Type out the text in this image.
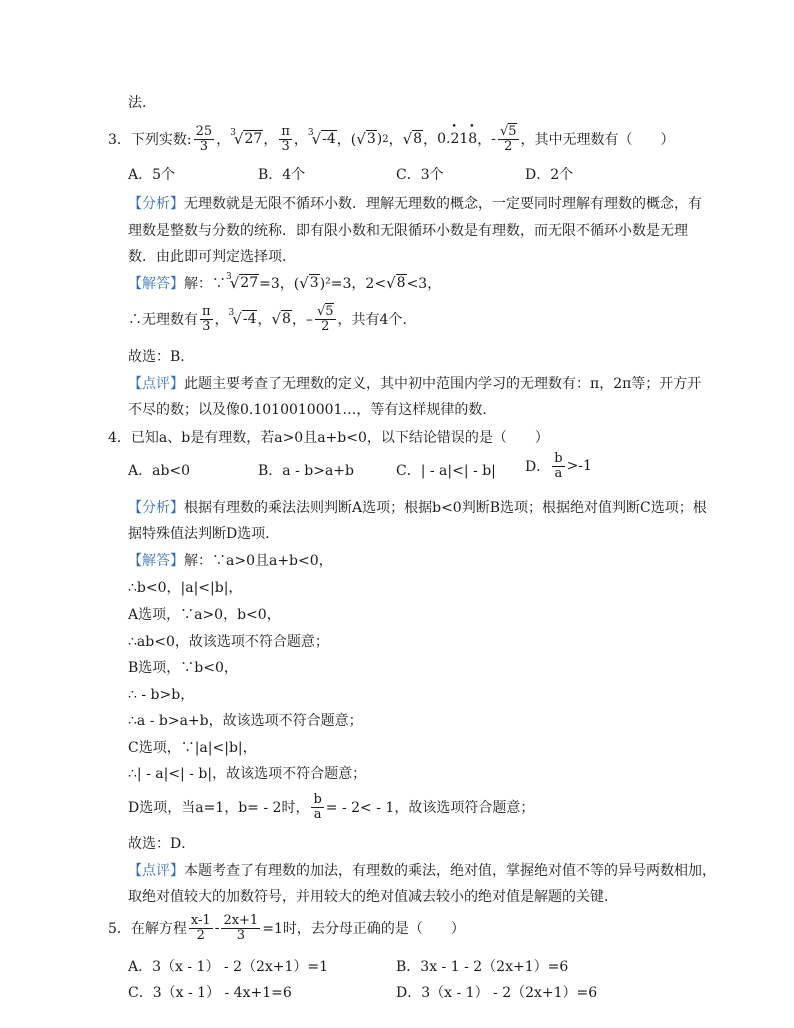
法．
3． 下列实数:
25
3 ， 3
√ 27 ，
π
3 ， 3
√ -4 ，( √ 3 ) 2 ， √ 8 ， 0.• 21• 8 ， - √5
2 ，其中无理数有（　　）
A．5个	B．4个	C．3个	D．2个
【分析】 无理数就是无限不循环小数．理解无理数的概念，一定要同时理解有理数的概念，有
理数是整数与分数的统称．即有限小数和无限循环小数是有理数，而无限不循环小数是无理
数．由此即可判定选择项．
【解答】 解：∵ 3
√ 27 =3，( √ 3 )²=3，2< √ 8 <3，
∴无理数有
π
3 ， 3
√ -4 ， √ 8 ，–
√5
2 ，共有4个．
故选：B．
【点评】 此题主要考查了无理数的定义，其中初中范围内学习的无理数有：π，2π等；开方开
不尽的数；以及像0.1010010001…，等有这样规律的数．
4． 已知a、b是有理数，若a>0且a+b<0，以下结论错误的是（　　）
A．ab<0	B．a - b>a+b	C．| - a|<| - b| D．
b
a >-1
【分析】 根据有理数的乘法法则判断A选项；根据b<0判断B选项；根据绝对值判断C选项；根
据特殊值法判断D选项．
【解答】 解：∵a>0且a+b<0，
∴b<0，|a|<|b|，
A选项，∵a>0，b<0，
∴ab<0，故该选项不符合题意；
B选项，∵b<0，
∴ - b>b，
∴a - b>a+b，故该选项不符合题意；
C选项，∵|a|<|b|，
∴| - a|<| - b|，故该选项不符合题意；
D选项，当a=1，b= - 2时， $\frac{b}{a}$ = - 2< - 1，故该选项符合题意；
故选：D．
【点评】 本题考查了有理数的加法，有理数的乘法，绝对值，掌握绝对值不等的异号两数相加，
取绝对值较大的加数符号，并用较大的绝对值减去较小的绝对值是解题的关键．
5． 在解方程
x-1
$2 - \frac{2x+1}{3} =1$时，去分母正确的是（　　）
A．3（x - 1） - 2（2x+1）=1	B．3x - 1 - 2（2x+1）=6
C．3（x - 1） - 4x+1=6	D．3（x - 1） - 2（2x+1）=6
